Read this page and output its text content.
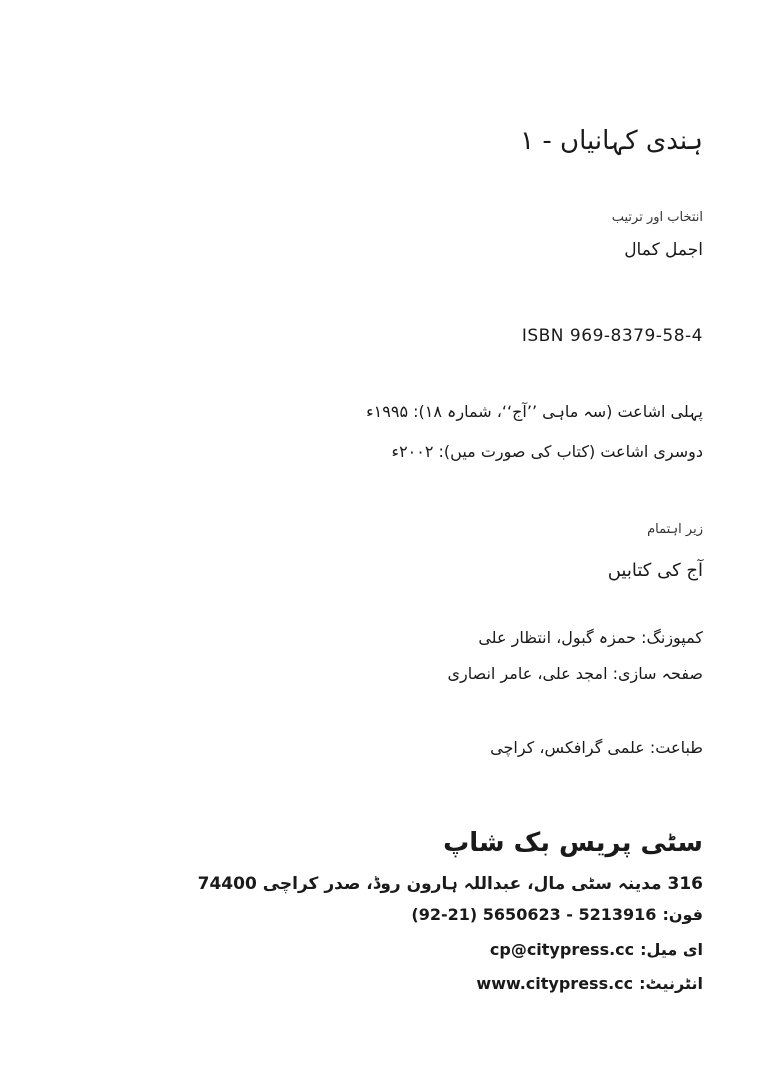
ہندی کہانیاں - ۱
انتخاب اور ترتیب
اجمل کمال
ISBN 969-8379-58-4
پہلی اشاعت (سہ ماہی ’’آج‘‘، شمارہ ۱۸): ۱۹۹۵ء
دوسری اشاعت (کتاب کی صورت میں): ۲۰۰۲ء
زیر اہتمام
آج کی کتابیں
کمپوزنگ: حمزہ گبول، انتظار علی
صفحہ سازی: امجد علی، عامر انصاری
طباعت: علمی گرافکس، کراچی
سٹی پریس بک شاپ
316 مدینہ سٹی مال، عبداللہ ہارون روڈ، صدر کراچی 74400
فون:(92-21) 5650623 - 5213916
ای میل:cp@citypress.cc
انٹرنیٹ:www.citypress.cc
